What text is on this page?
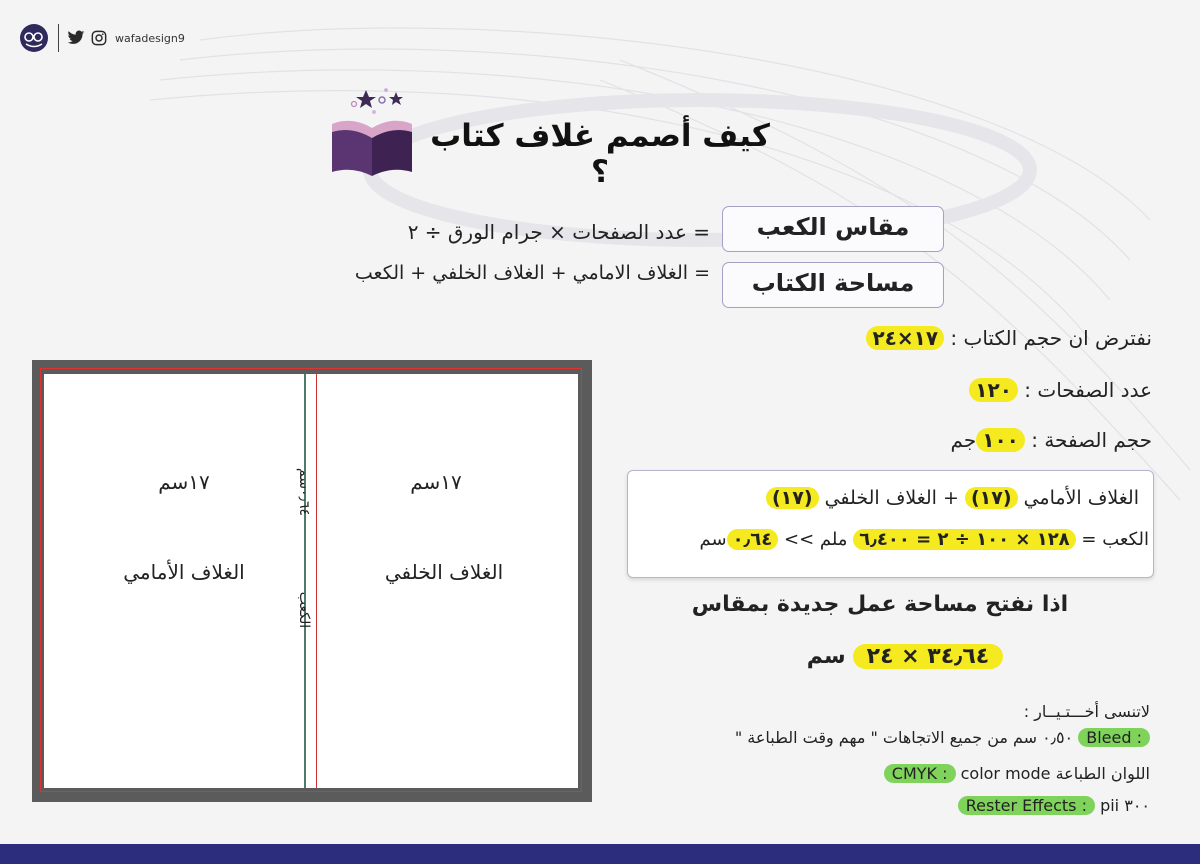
wafadesign9
كيف أصمم غلاف كتاب ؟
مقاس الكعب
= عدد الصفحات × جرام الورق ÷ ٢
مساحة الكتاب
= الغلاف الامامي + الغلاف الخلفي + الكعب
نفترض ان حجم الكتاب : ١٧×٢٤
عدد الصفحات : ١٢٠
حجم الصفحة : ١٠٠جم
الغلاف الأمامي (١٧) + الغلاف الخلفي (١٧)
الكعب = ١٢٨ × ١٠٠ ÷ ٢ = ٦٫٤٠٠ ملم >> ٠٫٦٤سم
اذا نفتح مساحة عمل جديدة بمقاس
٣٤٫٦٤ × ٢٤ سم
لاتنسى أخـــتـيــار :
Bleed : ٠٫٥٠ سم من جميع الاتجاهات " مهم وقت الطباعة "
CMYK : color mode اللوان الطباعة
Rester Effects : pii ٣٠٠
٠٫٦٤سم
الكعب
١٧سم
الغلاف الأمامي
١٧سم
الغلاف الخلفي
